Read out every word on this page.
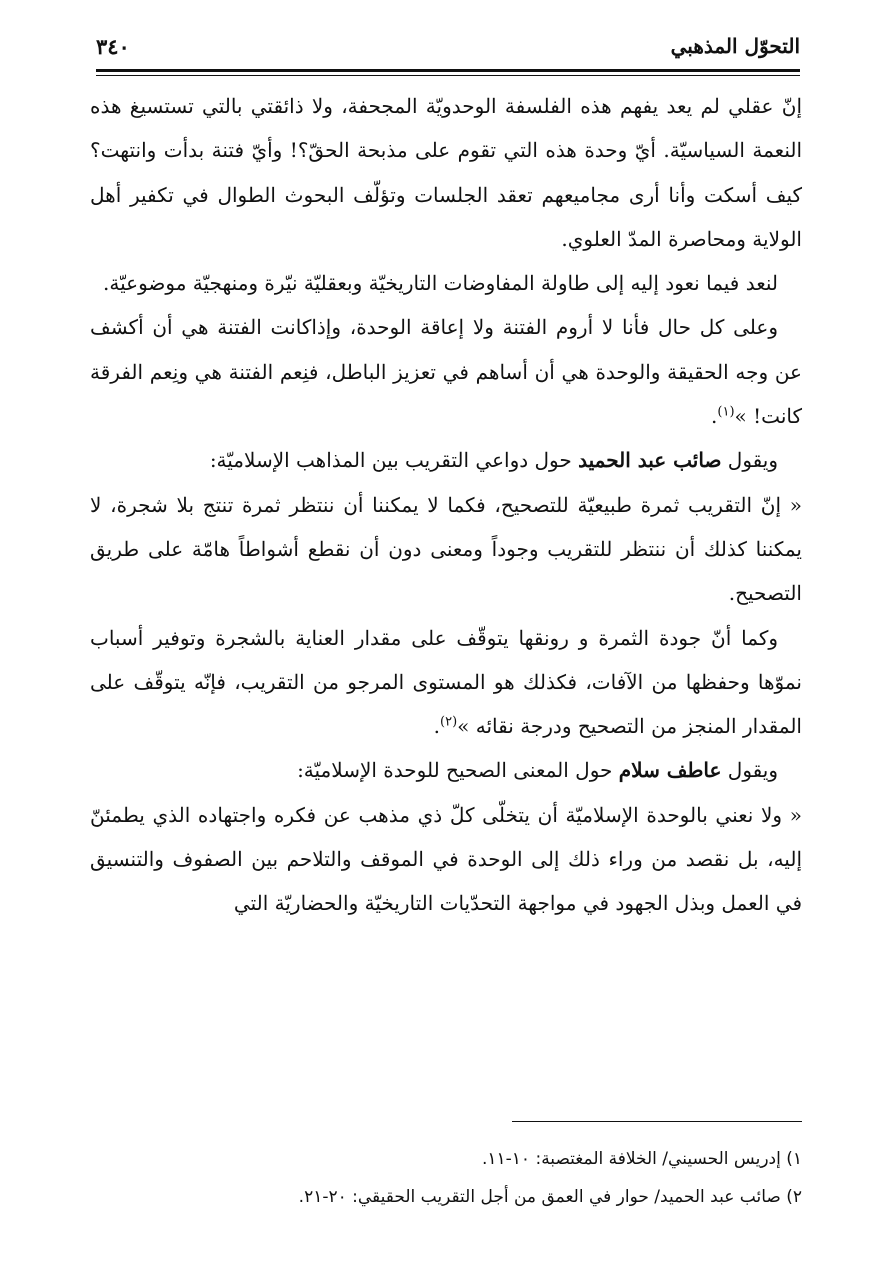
التحوّل المذهبي
٣٤٠

إنّ عقلي لم يعد يفهم هذه الفلسفة الوحدويّة المجحفة، ولا ذائقتي بالتي تستسيغ هذه النعمة السياسيّة. أيّ وحدة هذه التي تقوم على مذبحة الحقّ؟! وأيّ فتنة بدأت وانتهت؟ كيف أسكت وأنا أرى مجاميعهم تعقد الجلسات وتؤلّف البحوث الطوال في تكفير أهل الولاية ومحاصرة المدّ العلوي.

لنعد فيما نعود إليه إلى طاولة المفاوضات التاريخيّة وبعقليّة نيّرة ومنهجيّة موضوعيّة.

وعلى كل حال فأنا لا أروم الفتنة ولا إعاقة الوحدة، وإذاكانت الفتنة هي أن أكشف عن وجه الحقيقة والوحدة هي أن أساهم في تعزيز الباطل، فنِعم الفتنة هي ونِعم الفرقة كانت! »$^{(١)}$.

ويقول صائب عبد الحميد حول دواعي التقريب بين المذاهب الإسلاميّة:

« إنّ التقريب ثمرة طبيعيّة للتصحيح، فكما لا يمكننا أن ننتظر ثمرة تنتج بلا شجرة، لا يمكننا كذلك أن ننتظر للتقريب وجوداً ومعنى دون أن نقطع أشواطاً هامّة على طريق التصحيح.

وكما أنّ جودة الثمرة و رونقها يتوقّف على مقدار العناية بالشجرة وتوفير أسباب نموّها وحفظها من الآفات، فكذلك هو المستوى المرجو من التقريب، فإنّه يتوقّف على المقدار المنجز من التصحيح ودرجة نقائه »$^{(٢)}$.

ويقول عاطف سلام حول المعنى الصحيح للوحدة الإسلاميّة:

« ولا نعني بالوحدة الإسلاميّة أن يتخلّى كلّ ذي مذهب عن فكره واجتهاده الذي يطمئنّ إليه، بل نقصد من وراء ذلك إلى الوحدة في الموقف والتلاحم بين الصفوف والتنسيق في العمل وبذل الجهود في مواجهة التحدّيات التاريخيّة والحضاريّة التي

١) إدريس الحسيني/ الخلافة المغتصبة: ١٠-١١.

٢) صائب عبد الحميد/ حوار في العمق من أجل التقريب الحقيقي: ٢٠-٢١.
